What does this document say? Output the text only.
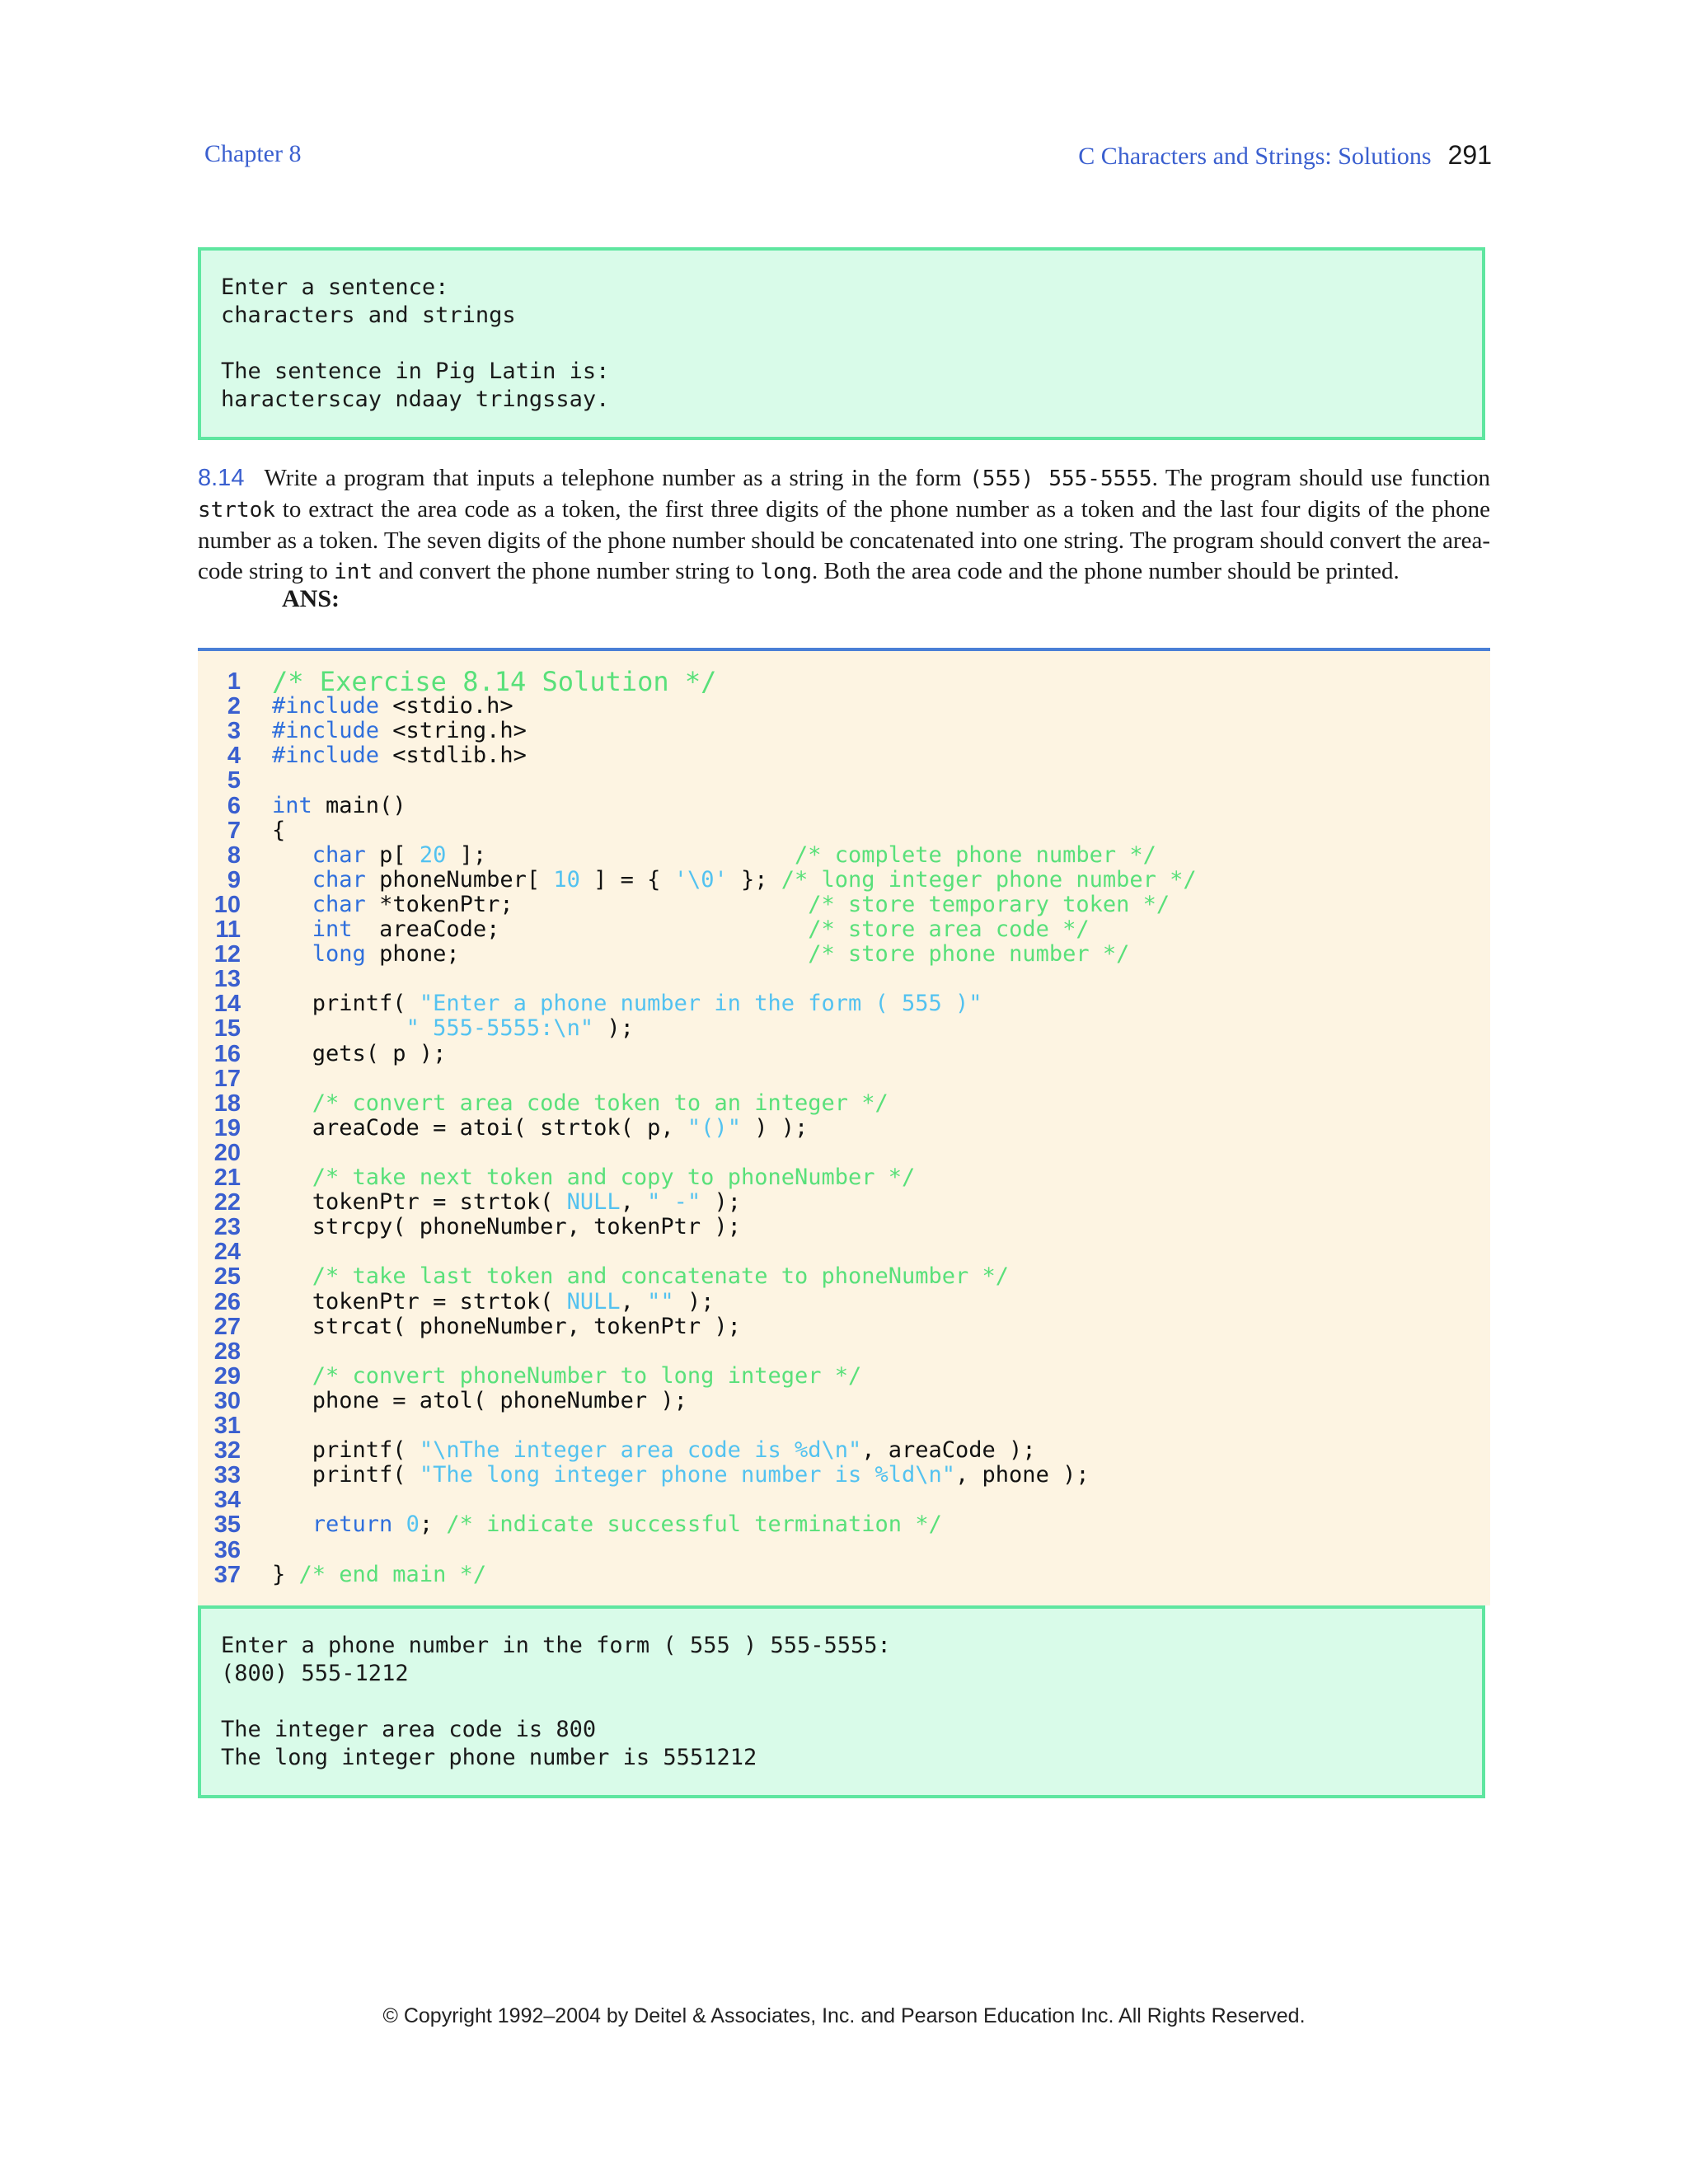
Chapter 8	C Characters and Strings: Solutions 291
Enter a sentence:
characters and strings
The sentence in Pig Latin is:
haracterscay ndaay tringssay.
8.14 Write a program that inputs a telephone number as a string in the form (555) 555-5555. The program should use function strtok to extract the area code as a token, the first three digits of the phone number as a token and the last four digits of the phone number as a token. The seven digits of the phone number should be concatenated into one string. The program should convert the area-code string to int and convert the phone number string to long. Both the area code and the phone number should be printed.
ANS:
1 /* Exercise 8.14 Solution */
2 #include <stdio.h>
3 #include <string.h>
4 #include <stdlib.h>
5
6 int main()
7 {
8	char p[ 20 ];                       /* complete phone number */
9	char phoneNumber[ 10 ] = { '\0' }; /* long integer phone number */
10	char *tokenPtr;                      /* store temporary token */
11	int  areaCode;                       /* store area code */
12	long phone;                          /* store phone number */
13
14 printf( "Enter a phone number in the form ( 555 )"
15	" 555-5555:\n" );
16 gets( p );
17
18	/* convert area code token to an integer */
19 areaCode = atoi( strtok( p, "()" ) );
20
21	/* take next token and copy to phoneNumber */
22 tokenPtr = strtok( NULL, " -" );
23 strcpy( phoneNumber, tokenPtr );
24
25	/* take last token and concatenate to phoneNumber */
26 tokenPtr = strtok( NULL, "" );
27 strcat( phoneNumber, tokenPtr );
28
29	/* convert phoneNumber to long integer */
30 phone = atol( phoneNumber );
31
32 printf( "\nThe integer area code is %d\n", areaCode );
33 printf( "The long integer phone number is %ld\n", phone );
34
35	return 0; /* indicate successful termination */
36
37 } /* end main */
Enter a phone number in the form ( 555 ) 555-5555:
(800) 555-1212
The integer area code is 800
The long integer phone number is 5551212
© Copyright 1992–2004 by Deitel & Associates, Inc. and Pearson Education Inc. All Rights Reserved.
